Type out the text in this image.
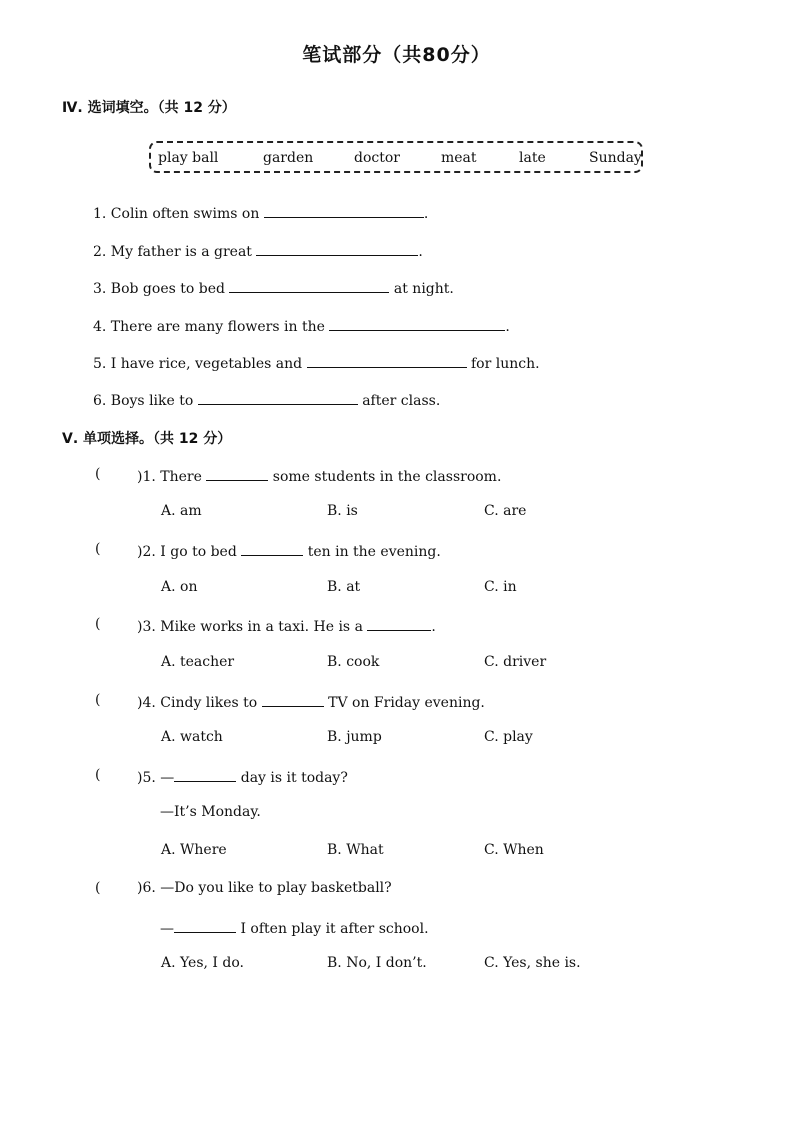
笔试部分（共80分）
Ⅳ. 选词填空。（共 12 分）
play ball	garden	doctor	meat	late	Sunday
1. Colin often swims on	.
2. My father is a great	.
3. Bob goes to bed	at night.
4. There are many flowers in the	.
5. I have rice, vegetables and	for lunch.
6. Boys like to	after class.
Ⅴ. 单项选择。（共 12 分）
(	)1. There	some students in the classroom.
A. am	B. is	C. are
(	)2. I go to bed	ten in the evening.
A. on	B. at	C. in
(	)3. Mike works in a taxi. He is a	.
A. teacher	B. cook	C. driver
(	)4. Cindy likes to	TV on Friday evening.
A. watch	B. jump	C. play
(	)5. —	day is it today?
—It’s Monday.
A. Where	B. What	C. When
(	)6. —Do you like to play basketball?
—	I often play it after school.
A. Yes, I do.	B. No, I don’t.	C. Yes, she is.
